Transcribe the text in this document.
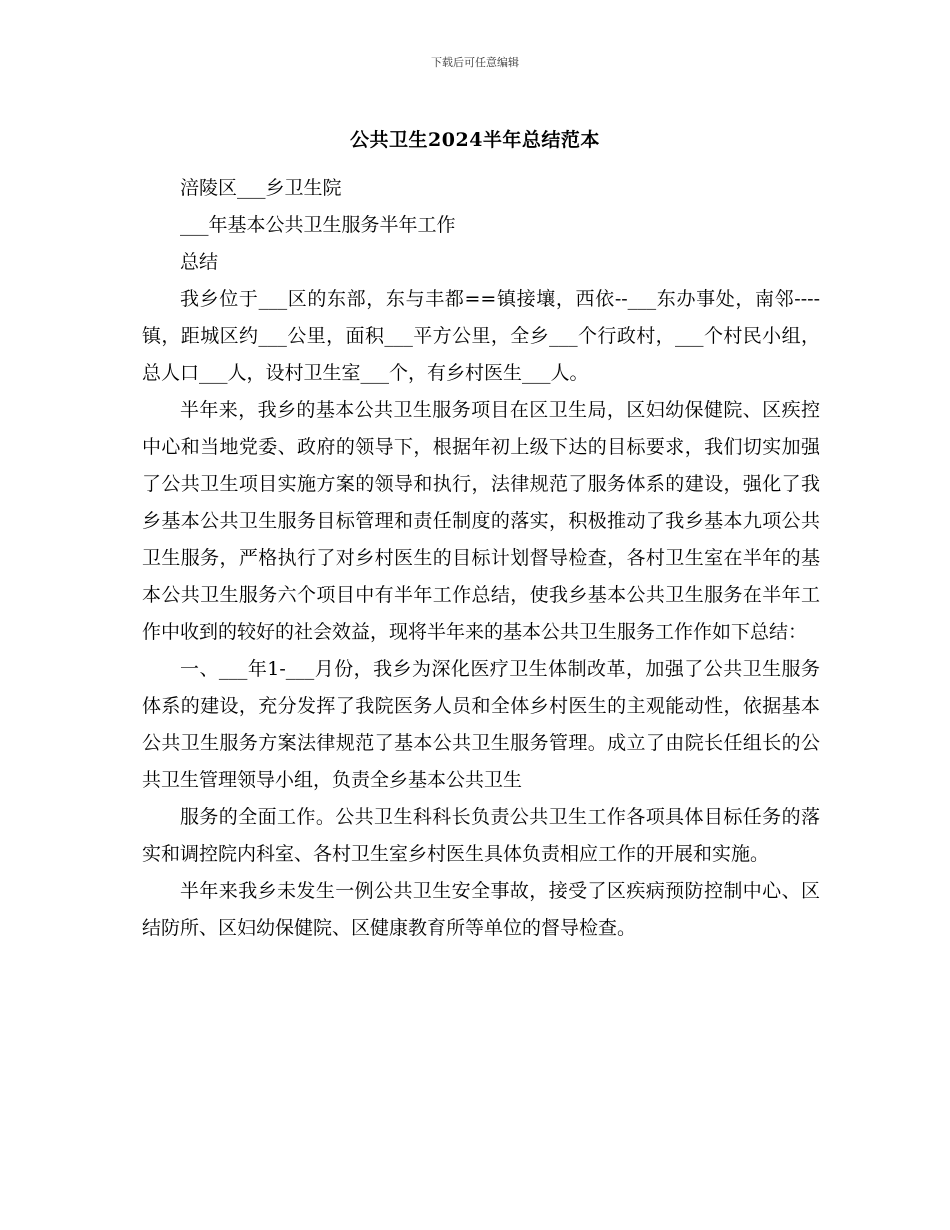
下载后可任意编辑
公共卫生2024半年总结范本

涪陵区___乡卫生院

___年基本公共卫生服务半年工作

总结

我乡位于___区的东部，东与丰都==镇接壤，西依--___东办事处，南邻----镇，距城区约___公里，面积___平方公里，全乡___个行政村，___个村民小组，总人口___人，设村卫生室___个，有乡村医生___人。

半年来，我乡的基本公共卫生服务项目在区卫生局，区妇幼保健院、区疾控中心和当地党委、政府的领导下，根据年初上级下达的目标要求，我们切实加强了公共卫生项目实施方案的领导和执行，法律规范了服务体系的建设，强化了我乡基本公共卫生服务目标管理和责任制度的落实，积极推动了我乡基本九项公共卫生服务，严格执行了对乡村医生的目标计划督导检查，各村卫生室在半年的基本公共卫生服务六个项目中有半年工作总结，使我乡基本公共卫生服务在半年工作中收到的较好的社会效益，现将半年来的基本公共卫生服务工作作如下总结：

一、___年1-___月份，我乡为深化医疗卫生体制改革，加强了公共卫生服务体系的建设，充分发挥了我院医务人员和全体乡村医生的主观能动性，依据基本公共卫生服务方案法律规范了基本公共卫生服务管理。成立了由院长任组长的公共卫生管理领导小组，负责全乡基本公共卫生

服务的全面工作。公共卫生科科长负责公共卫生工作各项具体目标任务的落实和调控院内科室、各村卫生室乡村医生具体负责相应工作的开展和实施。

半年来我乡未发生一例公共卫生安全事故，接受了区疾病预防控制中心、区结防所、区妇幼保健院、区健康教育所等单位的督导检查。
